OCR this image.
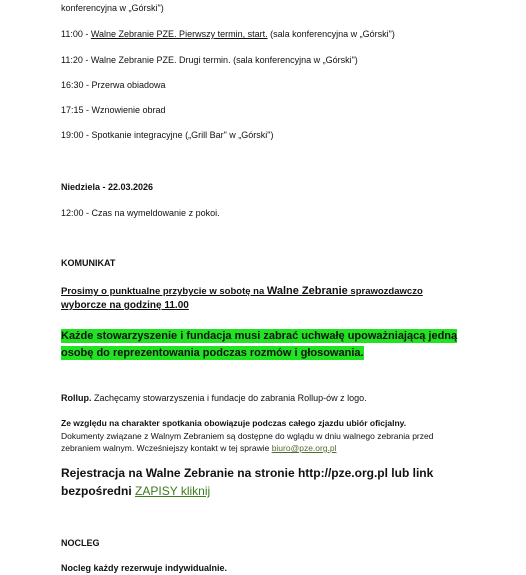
konferencyjna w „Górski")
11:00 - Walne Zebranie PZE. Pierwszy termin, start. (sala konferencyjna w „Górski")
11:20 - Walne Zebranie PZE. Drugi termin. (sala konferencyjna w „Górski")
16:30 - Przerwa obiadowa
17:15 - Wznowienie obrad
19:00 - Spotkanie integracyjne („Grill Bar" w „Górski")
Niedziela - 22.03.2026
12:00 - Czas na wymeldowanie z pokoi.
KOMUNIKAT
Prosimy o punktualne przybycie w sobotę na Walne Zebranie sprawozdawczo
wyborcze na godzinę 11.00
Każde stowarzyszenie i fundacja musi zabrać uchwałę upoważniającą jedną
osobę do reprezentowania podczas rozmów i głosowania.
Rollup. Zachęcamy stowarzyszenia i fundacje do zabrania Rollup-ów z logo.
Ze względu na charakter spotkania obowiązuje podczas całego zjazdu ubiór oficjalny.
Dokumenty związane z Walnym Zebraniem są dostępne do wglądu w dniu walnego zebrania przed
zebraniem walnym. Wcześniejszy kontakt w tej sprawie biuro@pze.org.pl
Rejestracja na Walne Zebranie na stronie http://pze.org.pl lub link
bezpośredni ZAPISY kliknij
NOCLEG
Nocleg każdy rezerwuje indywidualnie.
